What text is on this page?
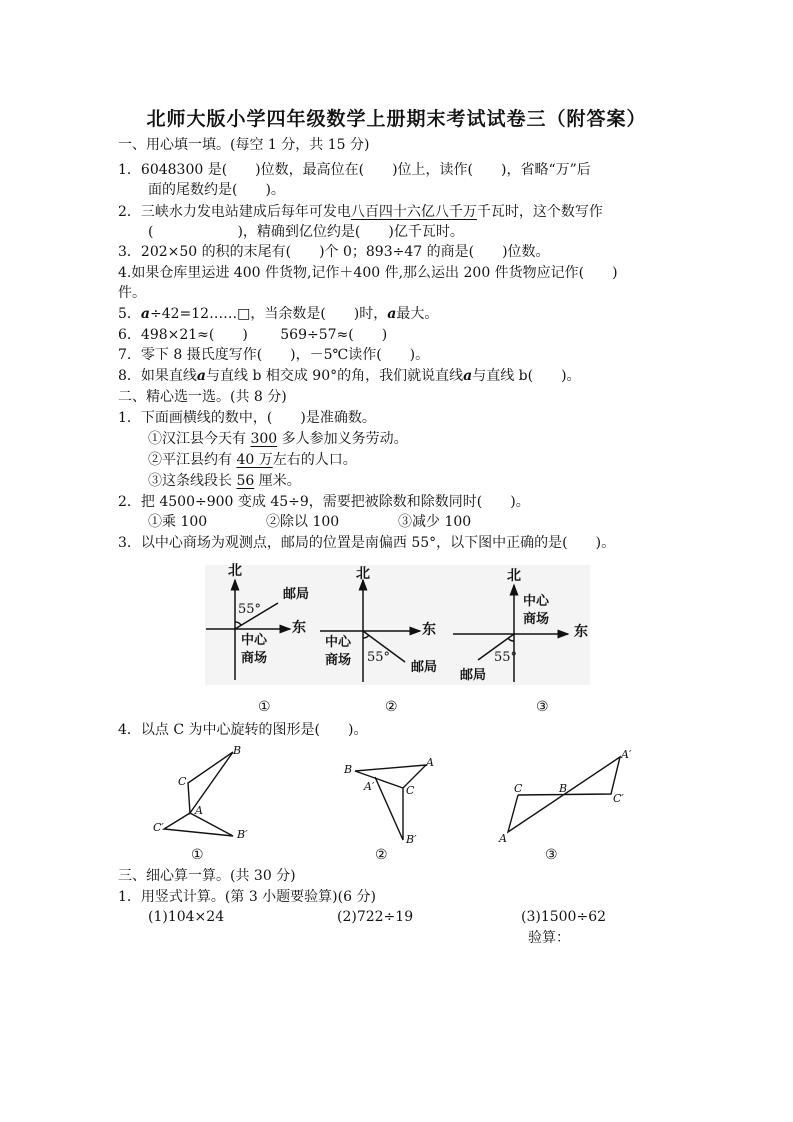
北师大版小学四年级数学上册期末考试试卷三（附答案）
一、用心填一填。(每空 1 分，共 15 分)
1．6048300 是(　　)位数，最高位在(　　)位上，读作(　　)，省略“万”后
面的尾数约是(　　)。
2．三峡水力发电站建成后每年可发电八百四十六亿八千万千瓦时，这个数写作
(　　　　　　)，精确到亿位约是(　　)亿千瓦时。
3．202×50 的积的末尾有(　　)个 0；893÷47 的商是(　　)位数。
4.如果仓库里运进 400 件货物,记作＋400 件,那么运出 200 件货物应记作(　　)
件。
5．a÷42=12……□，当余数是(　　)时，a最大。
6．498×21≈(　　)　　 569÷57≈(　　)
7．零下 8 摄氏度写作(　　)，－5℃读作(　　)。
8．如果直线a与直线 b 相交成 90°的角，我们就说直线a与直线 b(　　)。
二、精心选一选。(共 8 分)
1．下面画横线的数中，(　　)是准确数。
①汉江县今天有 300 多人参加义务劳动。
②平江县约有 40 万左右的人口。
③这条线段长 56 厘米。
2．把 4500÷900 变成 45÷9，需要把被除数和除数同时(　　)。
①乘 100	②除以 100	③减少 100
3．以中心商场为观测点，邮局的位置是南偏西 55°，以下图中正确的是(　　)。
北
东
55°
邮局
中心
商场
北
东
55°
邮局
中心
商场
北
东
55°
邮局
中心
商场
①	②	③
4．以点 C 为中心旋转的图形是(　　)。
B
C
A
C′
B′
B
A
A′	C
B′
C	B
C′
A′
A
①	②	③
三、细心算一算。(共 30 分)
1．用竖式计算。(第 3 小题要验算)(6 分)
(1)104×24	(2)722÷19	(3)1500÷62
验算：
